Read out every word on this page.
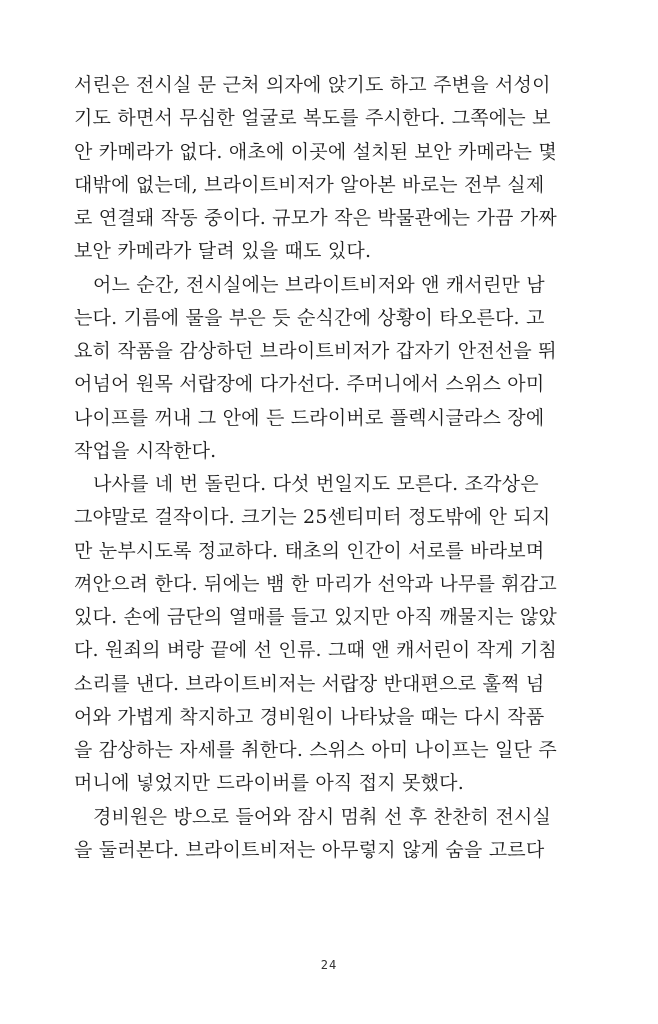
서린은 전시실 문 근처 의자에 앉기도 하고 주변을 서성이
기도 하면서 무심한 얼굴로 복도를 주시한다. 그쪽에는 보
안 카메라가 없다. 애초에 이곳에 설치된 보안 카메라는 몇
대밖에 없는데, 브라이트비저가 알아본 바로는 전부 실제
로 연결돼 작동 중이다. 규모가 작은 박물관에는 가끔 가짜
보안 카메라가 달려 있을 때도 있다.
어느 순간, 전시실에는 브라이트비저와 앤 캐서린만 남
는다. 기름에 물을 부은 듯 순식간에 상황이 타오른다. 고
요히 작품을 감상하던 브라이트비저가 갑자기 안전선을 뛰
어넘어 원목 서랍장에 다가선다. 주머니에서 스위스 아미
나이프를 꺼내 그 안에 든 드라이버로 플렉시글라스 장에
작업을 시작한다.
나사를 네 번 돌린다. 다섯 번일지도 모른다. 조각상은
그야말로 걸작이다. 크기는 25센티미터 정도밖에 안 되지
만 눈부시도록 정교하다. 태초의 인간이 서로를 바라보며
껴안으려 한다. 뒤에는 뱀 한 마리가 선악과 나무를 휘감고
있다. 손에 금단의 열매를 들고 있지만 아직 깨물지는 않았
다. 원죄의 벼랑 끝에 선 인류. 그때 앤 캐서린이 작게 기침
소리를 낸다. 브라이트비저는 서랍장 반대편으로 훌쩍 넘
어와 가볍게 착지하고 경비원이 나타났을 때는 다시 작품
을 감상하는 자세를 취한다. 스위스 아미 나이프는 일단 주
머니에 넣었지만 드라이버를 아직 접지 못했다.
경비원은 방으로 들어와 잠시 멈춰 선 후 찬찬히 전시실
을 둘러본다. 브라이트비저는 아무렇지 않게 숨을 고르다
24
